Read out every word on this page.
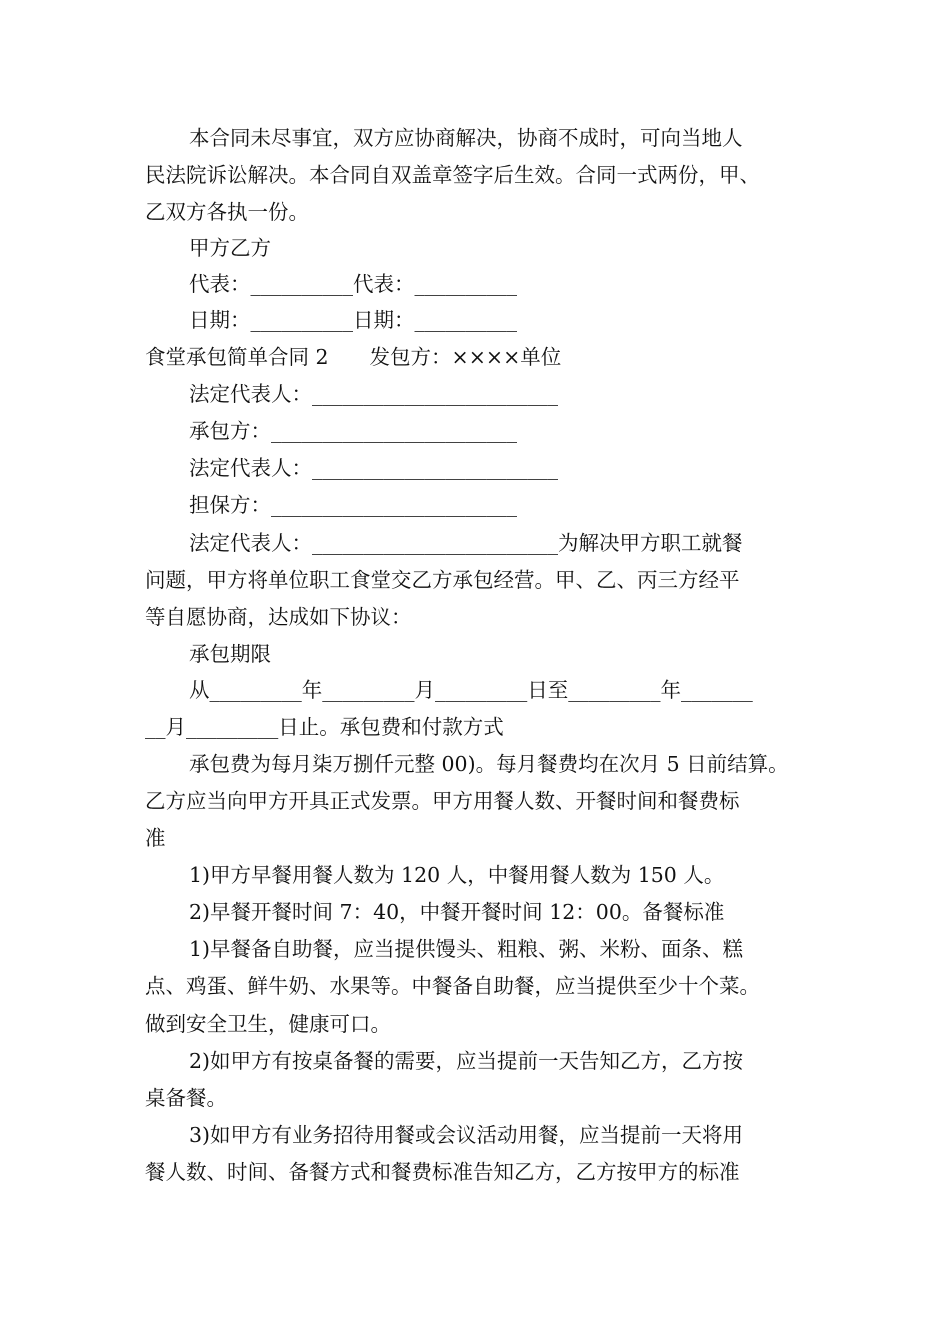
本合同未尽事宜，双方应协商解决，协商不成时，可向当地人
民法院诉讼解决。本合同自双盖章签字后生效。合同一式两份，甲、
乙双方各执一份。
甲方乙方
代表：__________代表：__________
日期：__________日期：__________
食堂承包简单合同 2　　发包方：××××单位
法定代表人：________________________
承包方：________________________
法定代表人：________________________
担保方：________________________
法定代表人：________________________为解决甲方职工就餐
问题，甲方将单位职工食堂交乙方承包经营。甲、乙、丙三方经平
等自愿协商，达成如下协议：
承包期限
从_________年_________月_________日至_________年_______
__月_________日止。承包费和付款方式
承包费为每月柒万捌仟元整 00)。每月餐费均在次月 5 日前结算。
乙方应当向甲方开具正式发票。甲方用餐人数、开餐时间和餐费标
准
1)甲方早餐用餐人数为 120 人，中餐用餐人数为 150 人。
2)早餐开餐时间 7：40，中餐开餐时间 12：00。备餐标准
1)早餐备自助餐，应当提供馒头、粗粮、粥、米粉、面条、糕
点、鸡蛋、鲜牛奶、水果等。中餐备自助餐，应当提供至少十个菜。
做到安全卫生，健康可口。
2)如甲方有按桌备餐的需要，应当提前一天告知乙方，乙方按
桌备餐。
3)如甲方有业务招待用餐或会议活动用餐，应当提前一天将用
餐人数、时间、备餐方式和餐费标准告知乙方，乙方按甲方的标准
